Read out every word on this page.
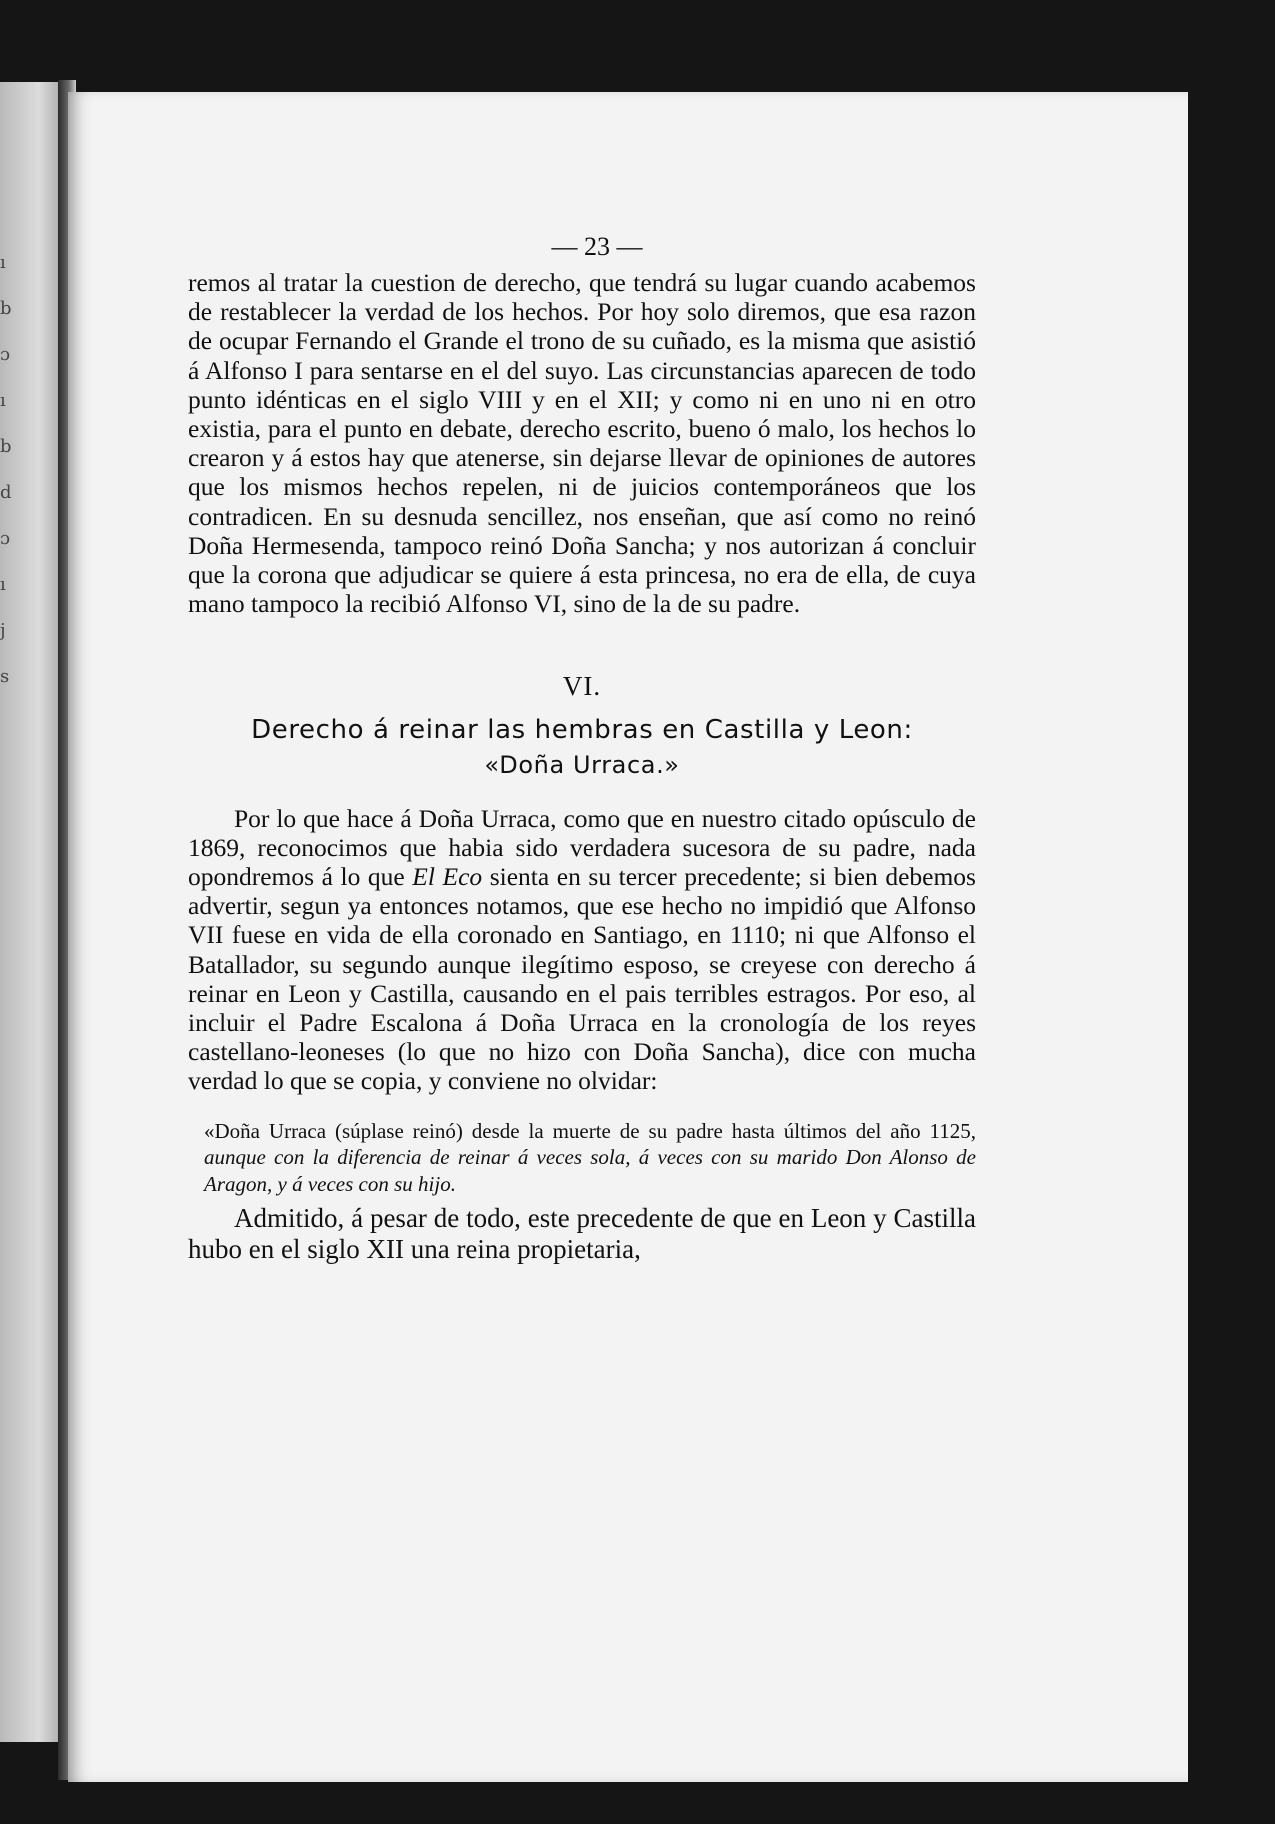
ı
b
ɔ
ı
b
d
ɔ
ı
j
s
— 23 —

remos al tratar la cuestion de derecho, que tendrá su lugar cuando acabemos de restablecer la verdad de los hechos. Por hoy solo diremos, que esa razon de ocupar Fernando el Grande el trono de su cuñado, es la misma que asistió á Alfonso I para sentarse en el del suyo. Las circunstancias aparecen de todo punto idénticas en el siglo VIII y en el XII; y como ni en uno ni en otro existia, para el punto en debate, derecho escrito, bueno ó malo, los hechos lo crearon y á estos hay que atenerse, sin dejarse llevar de opiniones de autores que los mismos hechos repelen, ni de juicios contemporáneos que los contradicen. En su desnuda sencillez, nos enseñan, que así como no reinó Doña Hermesenda, tampoco reinó Doña Sancha; y nos autorizan á concluir que la corona que adjudicar se quiere á esta princesa, no era de ella, de cuya mano tampoco la recibió Alfonso VI, sino de la de su padre.

VI.

Derecho á reinar las hembras en Castilla y Leon:

«Doña Urraca.»

Por lo que hace á Doña Urraca, como que en nuestro citado opúsculo de 1869, reconocimos que habia sido verdadera sucesora de su padre, nada opondremos á lo que El Eco sienta en su tercer precedente; si bien debemos advertir, segun ya entonces notamos, que ese hecho no impidió que Alfonso VII fuese en vida de ella coronado en Santiago, en 1110; ni que Alfonso el Batallador, su segundo aunque ilegítimo esposo, se creyese con derecho á reinar en Leon y Castilla, causando en el pais terribles estragos. Por eso, al incluir el Padre Escalona á Doña Urraca en la cronología de los reyes castellano-leoneses (lo que no hizo con Doña Sancha), dice con mucha verdad lo que se copia, y conviene no olvidar:

«Doña Urraca (súplase reinó) desde la muerte de su padre hasta últimos del año 1125, aunque con la diferencia de reinar á veces sola, á veces con su marido Don Alonso de Aragon, y á veces con su hijo.

Admitido, á pesar de todo, este precedente de que en Leon y Castilla hubo en el siglo XII una reina propietaria,
